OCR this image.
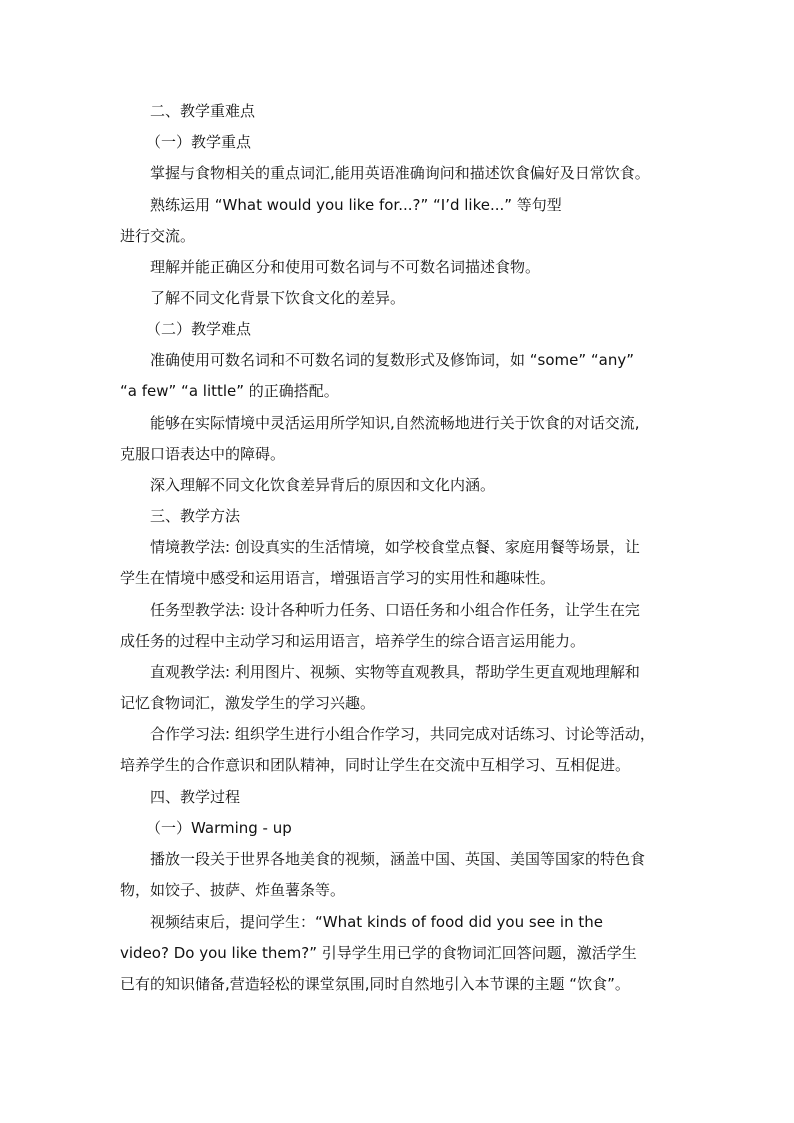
二、教学重难点
（一）教学重点
掌握与食物相关的重点词汇,能用英语准确询问和描述饮食偏好及日常饮食。
熟练运用 “What would you like for...?” “I’d like...” 等句型
进行交流。
理解并能正确区分和使用可数名词与不可数名词描述食物。
了解不同文化背景下饮食文化的差异。
（二）教学难点
准确使用可数名词和不可数名词的复数形式及修饰词，如 “some” “any”
“a few” “a little” 的正确搭配。
能够在实际情境中灵活运用所学知识,自然流畅地进行关于饮食的对话交流,
克服口语表达中的障碍。
深入理解不同文化饮食差异背后的原因和文化内涵。
三、教学方法
情境教学法: 创设真实的生活情境，如学校食堂点餐、家庭用餐等场景，让
学生在情境中感受和运用语言，增强语言学习的实用性和趣味性。
任务型教学法: 设计各种听力任务、口语任务和小组合作任务，让学生在完
成任务的过程中主动学习和运用语言，培养学生的综合语言运用能力。
直观教学法: 利用图片、视频、实物等直观教具，帮助学生更直观地理解和
记忆食物词汇，激发学生的学习兴趣。
合作学习法: 组织学生进行小组合作学习，共同完成对话练习、讨论等活动，
培养学生的合作意识和团队精神，同时让学生在交流中互相学习、互相促进。
四、教学过程
（一）Warming - up
播放一段关于世界各地美食的视频，涵盖中国、英国、美国等国家的特色食
物，如饺子、披萨、炸鱼薯条等。
视频结束后，提问学生：“What kinds of food did you see in the
video? Do you like them?” 引导学生用已学的食物词汇回答问题，激活学生
已有的知识储备,营造轻松的课堂氛围,同时自然地引入本节课的主题 “饮食”。
